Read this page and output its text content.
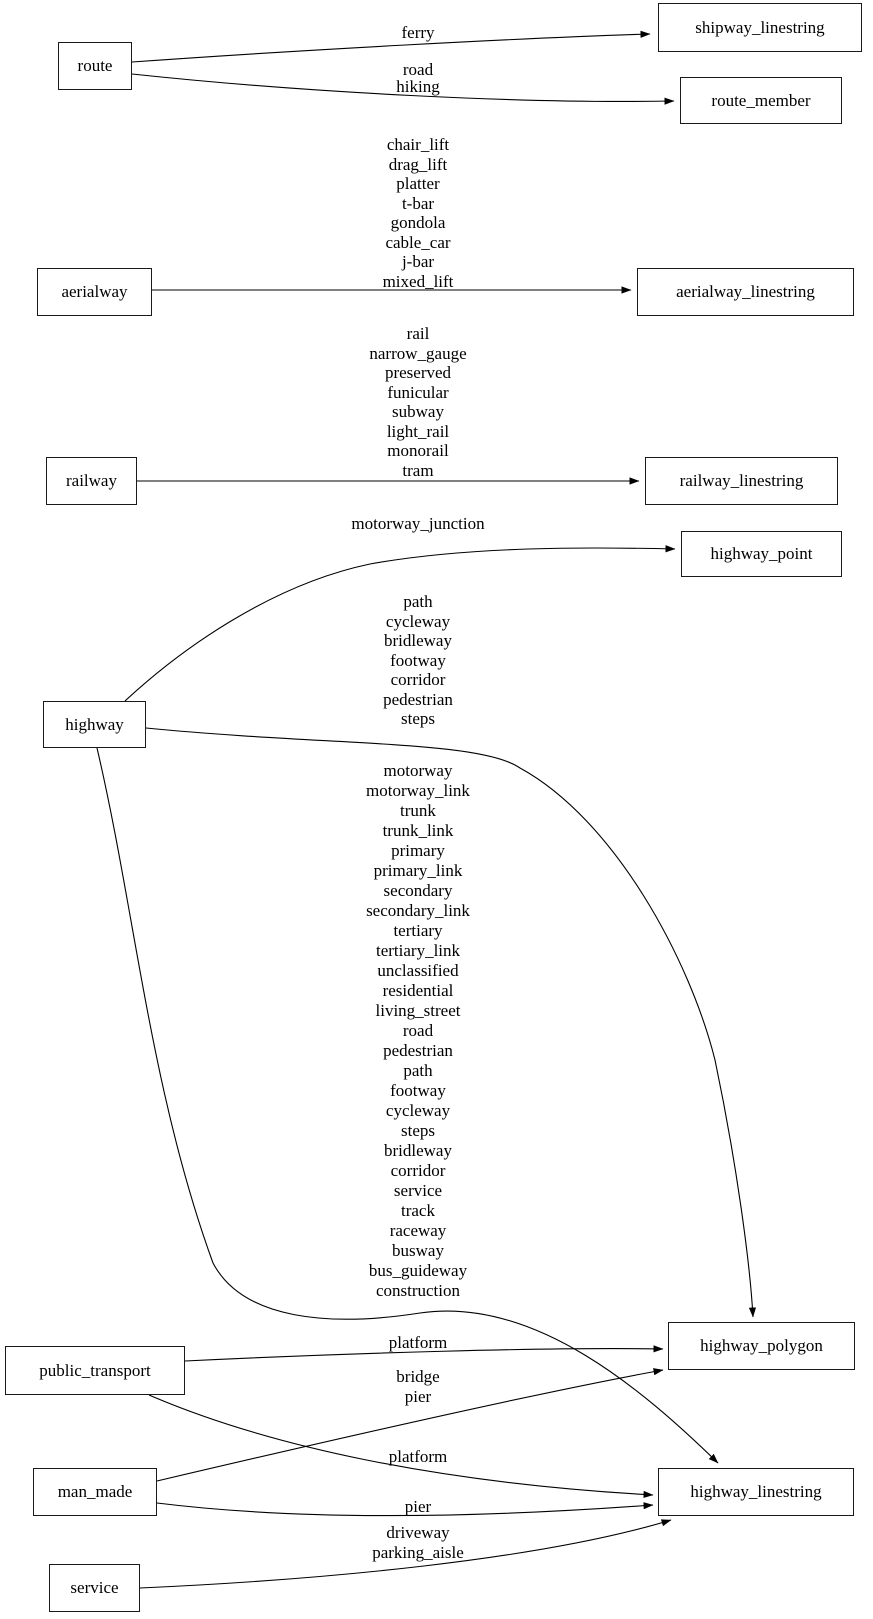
route
aerialway
railway
highway
public_transport
man_made
service
shipway_linestring
route_member
aerialway_linestring
railway_linestring
highway_point
highway_polygon
highway_linestring
ferry
road
hiking
chair_lift
drag_lift
platter
t-bar
gondola
cable_car
j-bar
mixed_lift
rail
narrow_gauge
preserved
funicular
subway
light_rail
monorail
tram
motorway_junction
path
cycleway
bridleway
footway
corridor
pedestrian
steps
motorway
motorway_link
trunk
trunk_link
primary
primary_link
secondary
secondary_link
tertiary
tertiary_link
unclassified
residential
living_street
road
pedestrian
path
footway
cycleway
steps
bridleway
corridor
service
track
raceway
busway
bus_guideway
construction
platform
bridge
pier
platform
pier
driveway
parking_aisle
